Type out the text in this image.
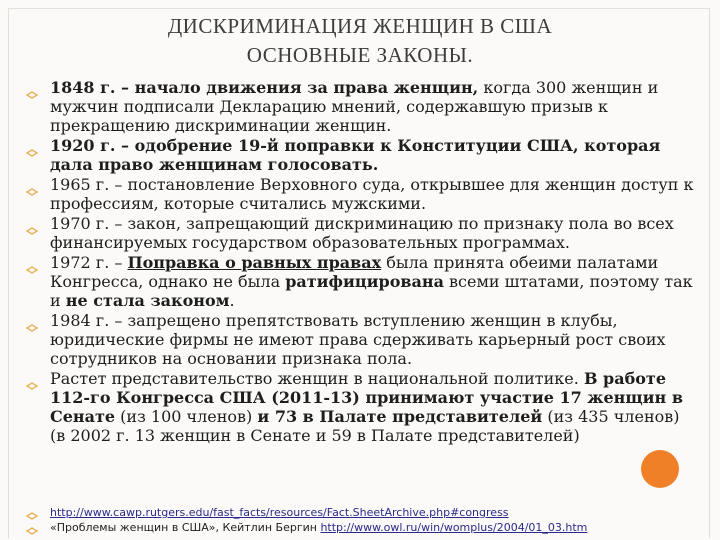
ДИСКРИМИНАЦИЯ ЖЕНЩИН В США
ОСНОВНЫЕ ЗАКОНЫ.
1848 г. – начало движения за права женщин, когда 300 женщин и мужчин подписали Декларацию мнений, содержавшую призыв к прекращению дискриминации женщин.
1920 г. – одобрение 19-й поправки к Конституции США, которая дала право женщинам голосовать.
1965 г. – постановление Верховного суда, открывшее для женщин доступ к профессиям, которые считались мужскими.
1970 г. – закон, запрещающий дискриминацию по признаку пола во всех финансируемых государством образовательных программах.
1972 г. – Поправка о равных правах была принята обеими палатами Конгресса, однако не была ратифицирована всеми штатами, поэтому так и не стала законом.
1984 г. – запрещено препятствовать вступлению женщин в клубы, юридические фирмы не имеют права сдерживать карьерный рост своих сотрудников на основании признака пола.
Растет представительство женщин в национальной политике. В работе 112-го Конгресса США (2011-13) принимают участие 17 женщин в Сенате (из 100 членов) и 73 в Палате представителей (из 435 членов) (в 2002 г. 13 женщин в Сенате и 59 в Палате представителей)
http://www.cawp.rutgers.edu/fast_facts/resources/Fact.SheetArchive.php#congress
«Проблемы женщин в США», Кейтлин Бергин http://www.owl.ru/win/womplus/2004/01_03.htm
